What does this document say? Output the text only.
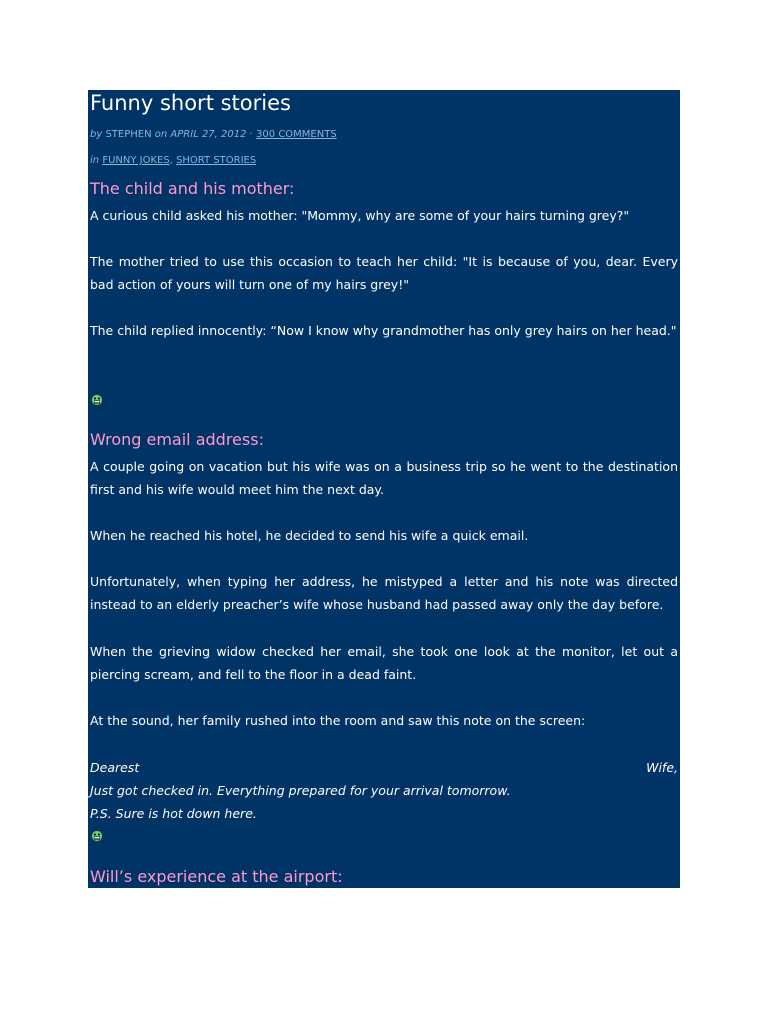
Funny short stories
by STEPHEN on APRIL 27, 2012 · 300 COMMENTS
in FUNNY JOKES, SHORT STORIES
The child and his mother:

A curious child asked his mother: "Mommy, why are some of your hairs turning grey?"

The mother tried to use this occasion to teach her child: "It is because of you, dear. Every bad action of yours will turn one of my hairs grey!"

The child replied innocently: “Now I know why grandmother has only grey hairs on her head."

Wrong email address:

A couple going on vacation but his wife was on a business trip so he went to the destination first and his wife would meet him the next day.

When he reached his hotel, he decided to send his wife a quick email.

Unfortunately, when typing her address, he mistyped a letter and his note was directed instead to an elderly preacher’s wife whose husband had passed away only the day before.

When the grieving widow checked her email, she took one look at the monitor, let out a piercing scream, and fell to the floor in a dead faint.

At the sound, her family rushed into the room and saw this note on the screen:

Dearest	Wife,

Just got checked in. Everything prepared for your arrival tomorrow.

P.S. Sure is hot down here.

Will’s experience at the airport:
